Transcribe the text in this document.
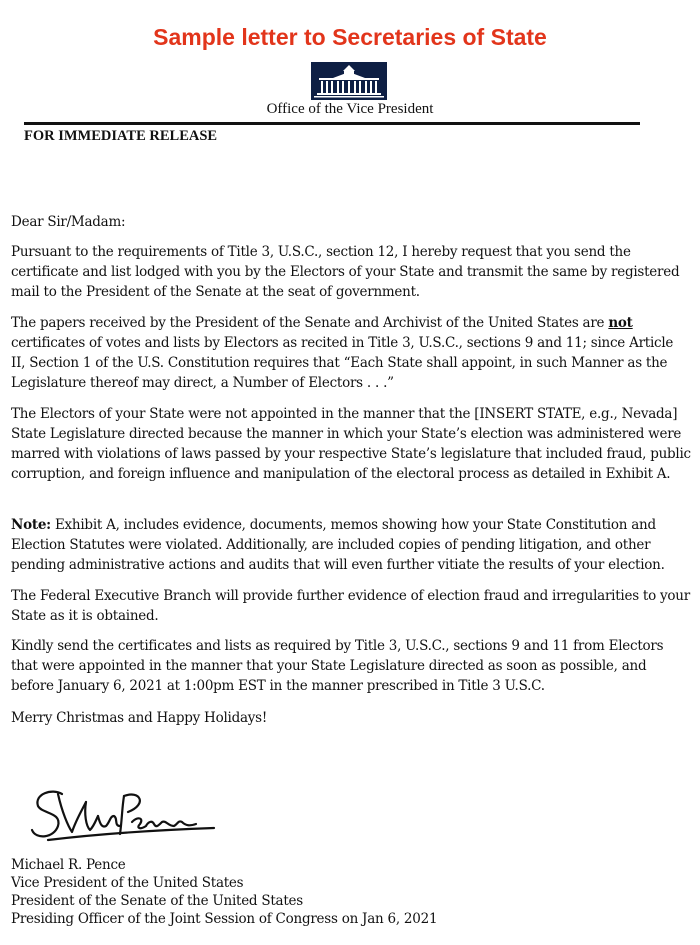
Sample letter to Secretaries of State
Office of the Vice President
FOR IMMEDIATE RELEASE
Dear Sir/Madam:

Pursuant to the requirements of Title 3, U.S.C., section 12, I hereby request that you send the certificate and list lodged with you by the Electors of your State and transmit the same by registered mail to the President of the Senate at the seat of government.

The papers received by the President of the Senate and Archivist of the United States are not certificates of votes and lists by Electors as recited in Title 3, U.S.C., sections 9 and 11; since Article II, Section 1 of the U.S. Constitution requires that “Each State shall appoint, in such Manner as the Legislature thereof may direct, a Number of Electors . . .”

The Electors of your State were not appointed in the manner that the [INSERT STATE, e.g., Nevada] State Legislature directed because the manner in which your State’s election was administered were marred with violations of laws passed by your respective State’s legislature that included fraud, public corruption, and foreign influence and manipulation of the electoral process as detailed in Exhibit A.

Note: Exhibit A, includes evidence, documents, memos showing how your State Constitution and Election Statutes were violated. Additionally, are included copies of pending litigation, and other pending administrative actions and audits that will even further vitiate the results of your election.

The Federal Executive Branch will provide further evidence of election fraud and irregularities to your State as it is obtained.

Kindly send the certificates and lists as required by Title 3, U.S.C., sections 9 and 11 from Electors that were appointed in the manner that your State Legislature directed as soon as possible, and before January 6, 2021 at 1:00pm EST in the manner prescribed in Title 3 U.S.C.

Merry Christmas and Happy Holidays!
Michael R. Pence
Vice President of the United States
President of the Senate of the United States
Presiding Officer of the Joint Session of Congress on Jan 6, 2021
